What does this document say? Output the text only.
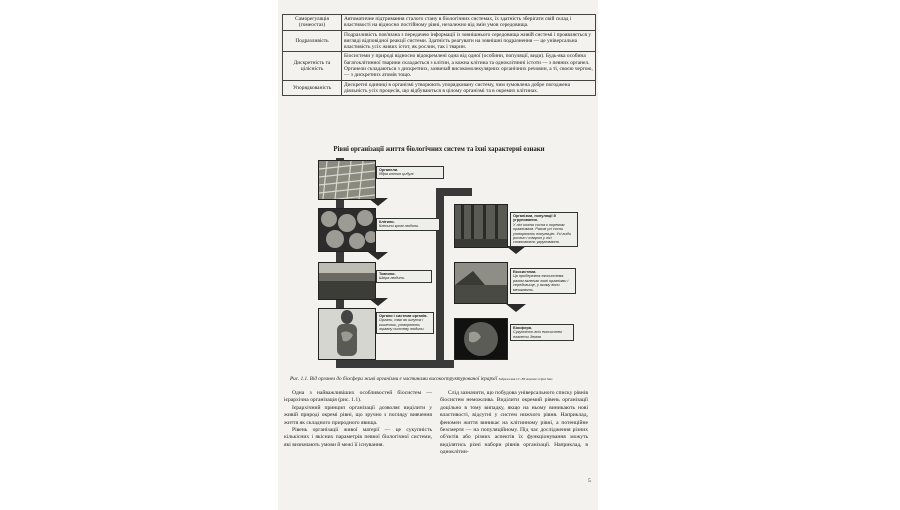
Саморегуляція (гомеостаз)	Автоматичне підтримання сталого стану в біологічних системах, їх здатність зберігати свій склад і властивості на відносно постійному рівні, незалежно від змін умов середовища.
Подразливість	Подразливість пов'язана з передачею інформації із зовнішнього середовища живій системі і проявляється у вигляді відповідної реакції системи. Здатність реагувати на зовнішні подразнення — це універсальна властивість усіх живих істот, як рослин, так і тварин.
Дискретність та цілісність	Біосистеми у природі відносно відокремлені одна від одної (особини, популяції, види). Будь-яка особина багатоклітинної тварини складається з клітин, а кожна клітина та одноклітинні істоти — з певних органел. Органели складаються з дискретних, зазвичай високомолекулярних органічних речовин, а ті, своєю чергою, — з дискретних атомів тощо.
Упорядкованість	Дискретні одиниці в організмі утворюють упорядковану систему, чим зумовлена добре погоджена діяльність усіх процесів, що відбуваються в цілому організмі та в окремих клітинах.
Рівні організації життя біологічних систем та їхні характерні ознаки
Органели.
Ядра клітин цибулі.
Клітини.
Клітини крові людини.
Тканини.
Шкіра людини.
Органи і системи органів.
Органи, такі як шлунок і кишечник, утворюють травну систему людини.
Організми, популяції й угруповання.
У лісі кожна сосна є окремим організмом. Разом усі сосни утворюють популяцію. Усі види рослин і тварин у лісі становлять угруповання.
Екосистеми.
Ця прибережна екосистема разом включає живі організми і середовище, у якому вони мешкають.
Біосфера.
Сукупність всіх екосистем планети Земля
Рис. 1.1. Від органел до біосфери живі організми є частинами високоструктурованої ієрархії Зображення CC-BY ліцензія з Open Stax

Одна з найважливіших особливостей біосистем — ієрархічна організація (рис. 1.1).

Ієрархічний принцип організації дозволяє виділити у живій природі окремі рівні, що зручно з погляду вивчення життя як складного природного явища.

Рівень організації живої матерії — це сукупність кількісних і якісних параметрів певної біологічної системи, які визначають умови й межі її існування.

Слід зазначити, що побудова універсального списку рівнів біосистем неможлива. Виділити окремий рівень організації доцільно в тому випадку, якщо на ньому виникають нові властивості, відсутні у систем нижчого рівня. Наприклад, феномен життя виникає на клітинному рівні, а потенційне безсмертя — на популяційному. Під час дослідження різних об'єктів або різних аспектів їх функціонування можуть виділятись різні набори рівнів організації. Наприклад, в одноклітин-

5
